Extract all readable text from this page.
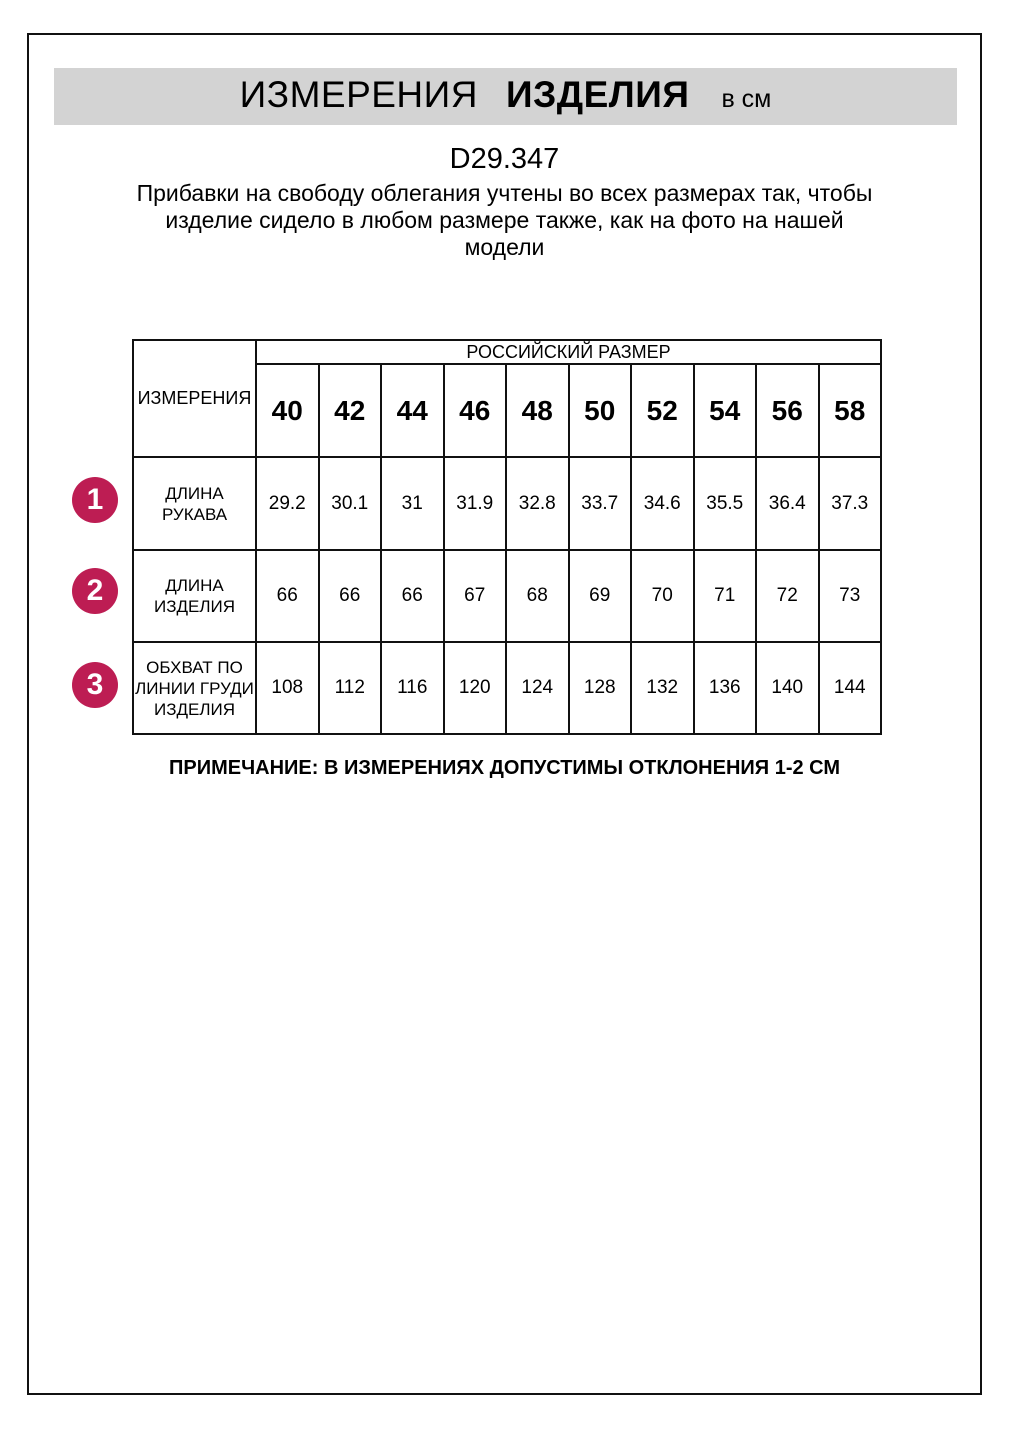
ИЗМЕРЕНИЯ ИЗДЕЛИЯ в см
D29.347
Прибавки на свободу облегания учтены во всех размерах так, чтобы
изделие сидело в любом размере также, как на фото на нашей
модели
ИЗМЕРЕНИЯ	РОССИЙСКИЙ РАЗМЕР									
	40	42	44	46	48	50	52	54	56	58
ДЛИНА РУКАВА	29.2	30.1	31	31.9	32.8	33.7	34.6	35.5	36.4	37.3
ДЛИНА ИЗДЕЛИЯ	66	66	66	67	68	69	70	71	72	73
ОБХВАТ ПО ЛИНИИ ГРУДИ ИЗДЕЛИЯ	108	112	116	120	124	128	132	136	140	144
1
2
3
ПРИМЕЧАНИЕ: В ИЗМЕРЕНИЯХ ДОПУСТИМЫ ОТКЛОНЕНИЯ 1-2 СМ
